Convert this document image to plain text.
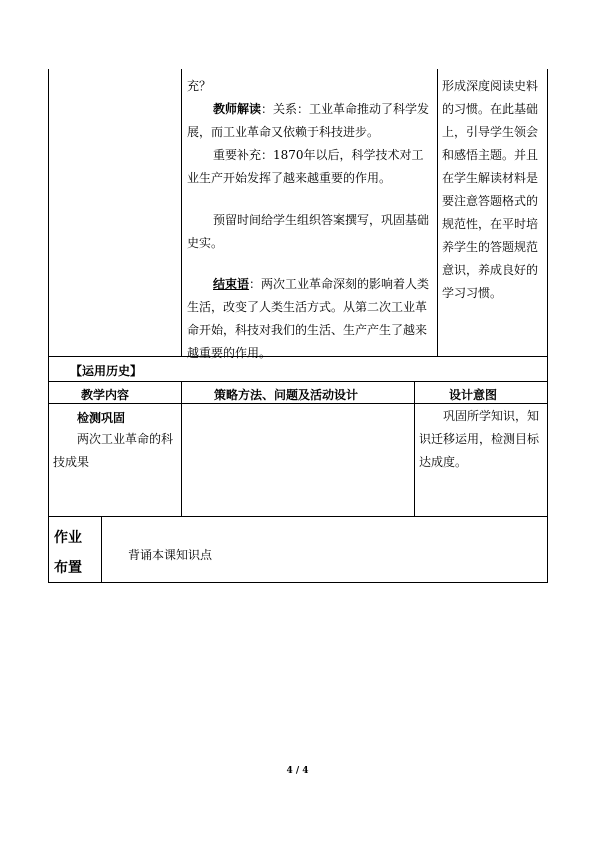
充？
教师解读：关系：工业革命推动了科学发展，而工业革命又依赖于科技进步。
重要补充：1870年以后，科学技术对工业生产开始发挥了越来越重要的作用。
预留时间给学生组织答案撰写，巩固基础史实。
结束语：两次工业革命深刻的影响着人类生活，改变了人类生活方式。从第二次工业革命开始，科技对我们的生活、生产产生了越来越重要的作用。
形成深度阅读史料的习惯。在此基础上，引导学生领会和感悟主题。并且在学生解读材料是要注意答题格式的规范性，在平时培养学生的答题规范意识，养成良好的学习习惯。
【运用历史】
教学内容	策略方法、问题及活动设计	设计意图
检测巩固
两次工业革命的科技成果
巩固所学知识，知识迁移运用，检测目标达成度。
作业
布置
背诵本课知识点
4 / 4
